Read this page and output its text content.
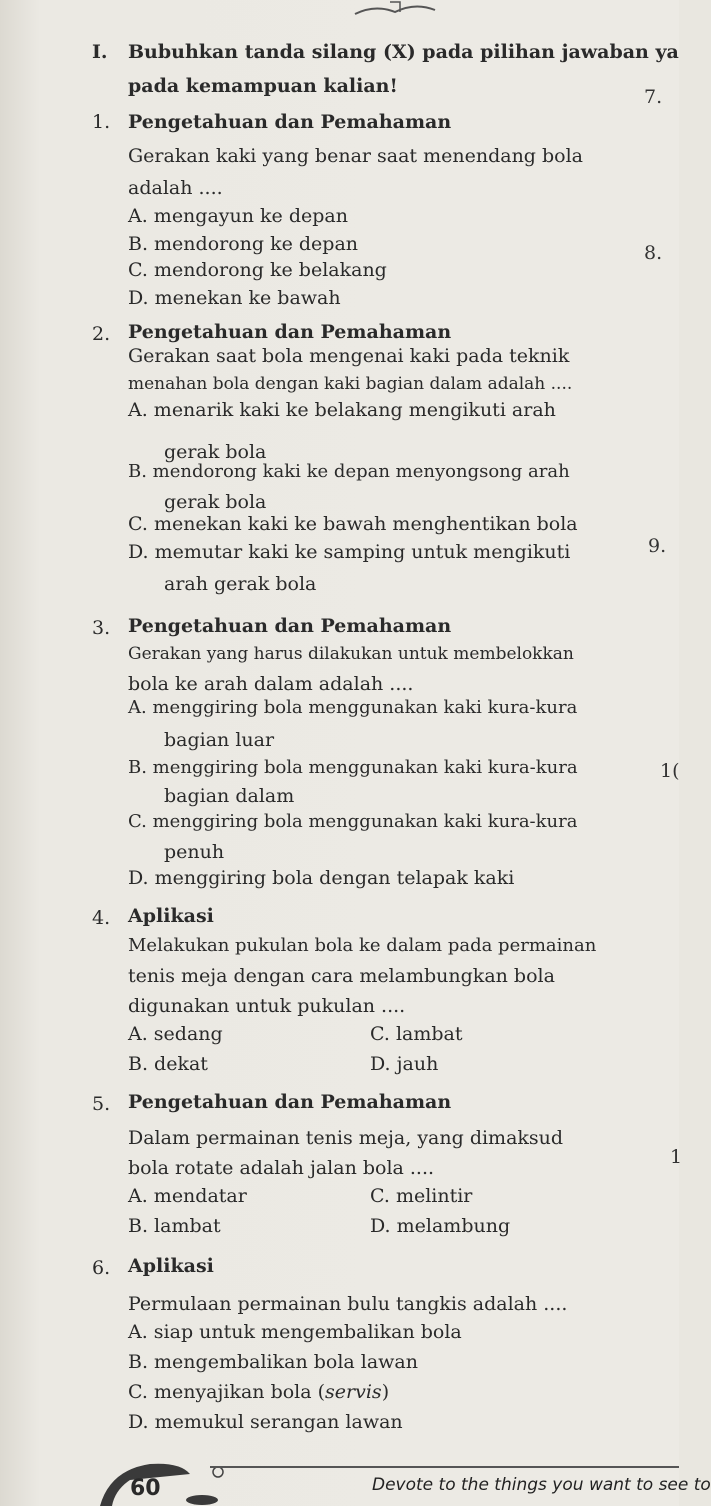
I. Bubuhkan tanda silang (X) pada pilihan jawaban ya
pada kemampuan kalian!	7.
8.
9.
1(
1
1. Pengetahuan dan Pemahaman
Gerakan kaki yang benar saat menendang bola
adalah ....
A. mengayun ke depan
B. mendorong ke depan
C. mendorong ke belakang
D. menekan ke bawah
2. Pengetahuan dan Pemahaman
Gerakan saat bola mengenai kaki pada teknik
menahan bola dengan kaki bagian dalam adalah ....
A. menarik kaki ke belakang mengikuti arah
gerak bola
B. mendorong kaki ke depan menyongsong arah
gerak bola
C. menekan kaki ke bawah menghentikan bola
D. memutar kaki ke samping untuk mengikuti
arah gerak bola
3. Pengetahuan dan Pemahaman
Gerakan yang harus dilakukan untuk membelokkan
bola ke arah dalam adalah ....
A. menggiring bola menggunakan kaki kura-kura
bagian luar
B. menggiring bola menggunakan kaki kura-kura
bagian dalam
C. menggiring bola menggunakan kaki kura-kura
penuh
D. menggiring bola dengan telapak kaki
4. Aplikasi
Melakukan pukulan bola ke dalam pada permainan
tenis meja dengan cara melambungkan bola
digunakan untuk pukulan ....
A. sedang	C. lambat
B. dekat	D. jauh
5. Pengetahuan dan Pemahaman
Dalam permainan tenis meja, yang dimaksud
bola rotate adalah jalan bola ....
A. mendatar	C. melintir
B. lambat	D. melambung
6. Aplikasi
Permulaan permainan bulu tangkis adalah ....
A. siap untuk mengembalikan bola
B. mengembalikan bola lawan
C. menyajikan bola (servis)
D. memukul serangan lawan
60	Devote to the things you want to see to
